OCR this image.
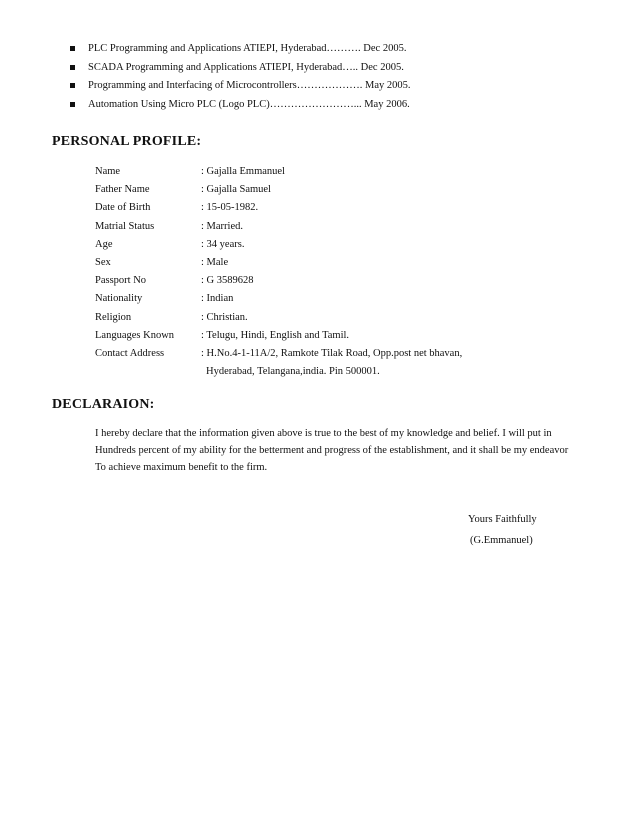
PLC Programming and Applications ATIEPI, Hyderabad………. Dec 2005.
SCADA Programming and Applications ATIEPI, Hyderabad….. Dec 2005.
Programming and Interfacing of Microcontrollers………………. May 2005.
Automation Using Micro PLC (Logo PLC)……………………... May 2006.
PERSONAL PROFILE:
Name	: Gajalla Emmanuel
Father Name	: Gajalla Samuel
Date of Birth	: 15-05-1982.
Matrial Status	: Married.
Age	: 34 years.
Sex	: Male
Passport No	: G 3589628
Nationality	: Indian
Religion	: Christian.
Languages Known	: Telugu, Hindi, English and Tamil.
Contact Address	: H.No.4-1-11A/2, Ramkote Tilak Road, Opp.post net bhavan,
Hyderabad, Telangana,india. Pin 500001.
DECLARAION:

I hereby declare that the information given above is true to the best of my knowledge and belief. I will put in

Hundreds percent of my ability for the betterment and progress of the establishment, and it shall be my endeavor

To achieve maximum benefit to the firm.

Yours Faithfully
(G.Emmanuel)
